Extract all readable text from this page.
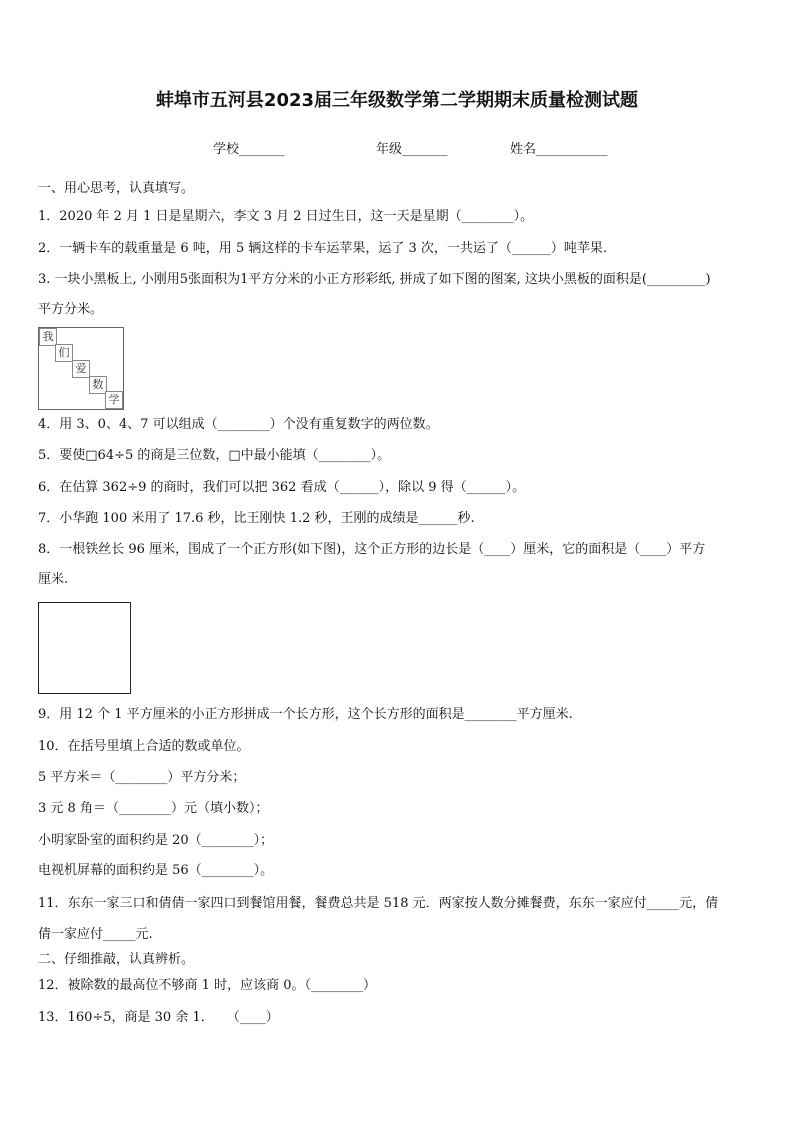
蚌埠市五河县2023届三年级数学第二学期期末质量检测试题
学校_______	年级_______	姓名___________
一、用心思考，认真填写。
1．2020 年 2 月 1 日是星期六，李文 3 月 2 日过生日，这一天是星期（________）。
2．一辆卡车的载重量是 6 吨，用 5 辆这样的卡车运苹果，运了 3 次，一共运了（______）吨苹果.
3. 一块小黑板上, 小刚用5张面积为1平方分米的小正方形彩纸, 拼成了如下图的图案, 这块小黑板的面积是(_________)
平方分米。
我
们
爱
数
学
4．用 3、0、4、7 可以组成（________）个没有重复数字的两位数。
5．要使□64÷5 的商是三位数，□中最小能填（________）。
6．在估算 362÷9 的商时，我们可以把 362 看成（______），除以 9 得（______）。
7．小华跑 100 米用了 17.6 秒，比王刚快 1.2 秒，王刚的成绩是______秒.
8．一根铁丝长 96 厘米，围成了一个正方形(如下图)，这个正方形的边长是（____）厘米，它的面积是（____）平方
厘米.
9．用 12 个 1 平方厘米的小正方形拼成一个长方形，这个长方形的面积是________平方厘米.
10．在括号里填上合适的数或单位。
5 平方米＝（________）平方分米；
3 元 8 角＝（________）元（填小数）；
小明家卧室的面积约是 20（________）；
电视机屏幕的面积约是 56（________）。
11．东东一家三口和倩倩一家四口到餐馆用餐，餐费总共是 518 元．两家按人数分摊餐费，东东一家应付_____元，倩
倩一家应付_____元.
二、仔细推敲，认真辨析。
12．被除数的最高位不够商 1 时，应该商 0。（________）
13．160÷5，商是 30 余 1．　　（____）
